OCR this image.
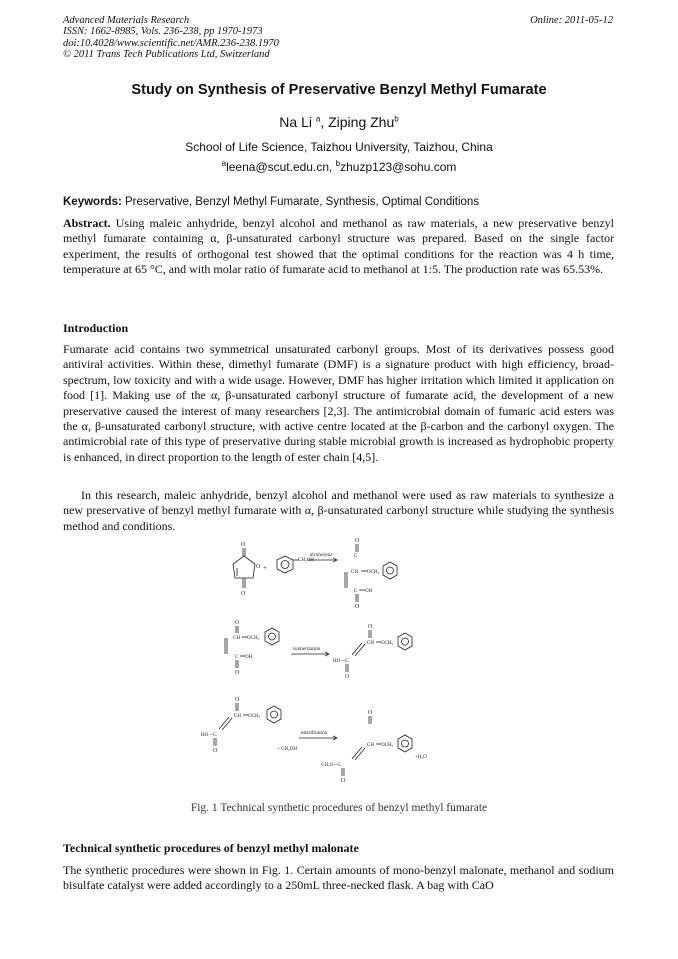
Advanced Materials Research
ISSN: 1662-8985, Vols. 236-238, pp 1970-1973
doi:10.4028/www.scientific.net/AMR.236-238.1970
© 2011 Trans Tech Publications Ltd, Switzerland
Online: 2011-05-12
Study on Synthesis of Preservative Benzyl Methyl Fumarate
Na Li $^a$, Ziping Zhu$^b$
School of Life Science, Taizhou University, Taizhou, China
$^a$leena@scut.edu.cn, $^b$zhuzp123@sohu.com
Keywords: Preservative, Benzyl Methyl Fumarate, Synthesis, Optimal Conditions

Abstract. Using maleic anhydride, benzyl alcohol and methanol as raw materials, a new preservative benzyl methyl fumarate containing α, β-unsaturated carbonyl structure was prepared. Based on the single factor experiment, the results of orthogonal test showed that the optimal conditions for the reaction was 4 h time, temperature at 65 °C, and with molar ratio of fumarate acid to methanol at 1:5. The production rate was 65.53%.

Introduction

Fumarate acid contains two symmetrical unsaturated carbonyl groups. Most of its derivatives possess good antiviral activities. Within these, dimethyl fumarate (DMF) is a signature product with high efficiency, broad-spectrum, low toxicity and with a wide usage. However, DMF has higher irritation which limited it application on food [1]. Making use of the α, β-unsaturated carbonyl structure of fumarate acid, the development of a new preservative caused the interest of many researchers [2,3]. The antimicrobial domain of fumaric acid esters was the α, β-unsaturated carbonyl structure, with active centre located at the β-carbon and the carbonyl oxygen. The antimicrobial rate of this type of preservative during stable microbial growth is increased as hydrophobic property is enhanced, in direct proportion to the length of ester chain [4,5].

In this research, maleic anhydride, benzyl alcohol and methanol were used as raw materials to synthesize a new preservative of benzyl methyl fumarate with α, β-unsaturated carbonyl structure while studying the synthesis method and conditions.

O
O
O
+
CH₂OH
alcoholysis
O
C
CH OCH₂
C OH
O
O
CH OCH₂
C OH
O
isomerization
O
CH OCH₂
HO—C
O
O
CH OCH₂
HO—C
O
esterification
+ CH₃OH
O
CH OCH₂
CH₃O—C
O
+H₂O
Fig. 1 Technical synthetic procedures of benzyl methyl fumarate
Technical synthetic procedures of benzyl methyl malonate

The synthetic procedures were shown in Fig. 1. Certain amounts of mono-benzyl malonate, methanol and sodium bisulfate catalyst were added accordingly to a 250mL three-necked flask. A bag with CaO
